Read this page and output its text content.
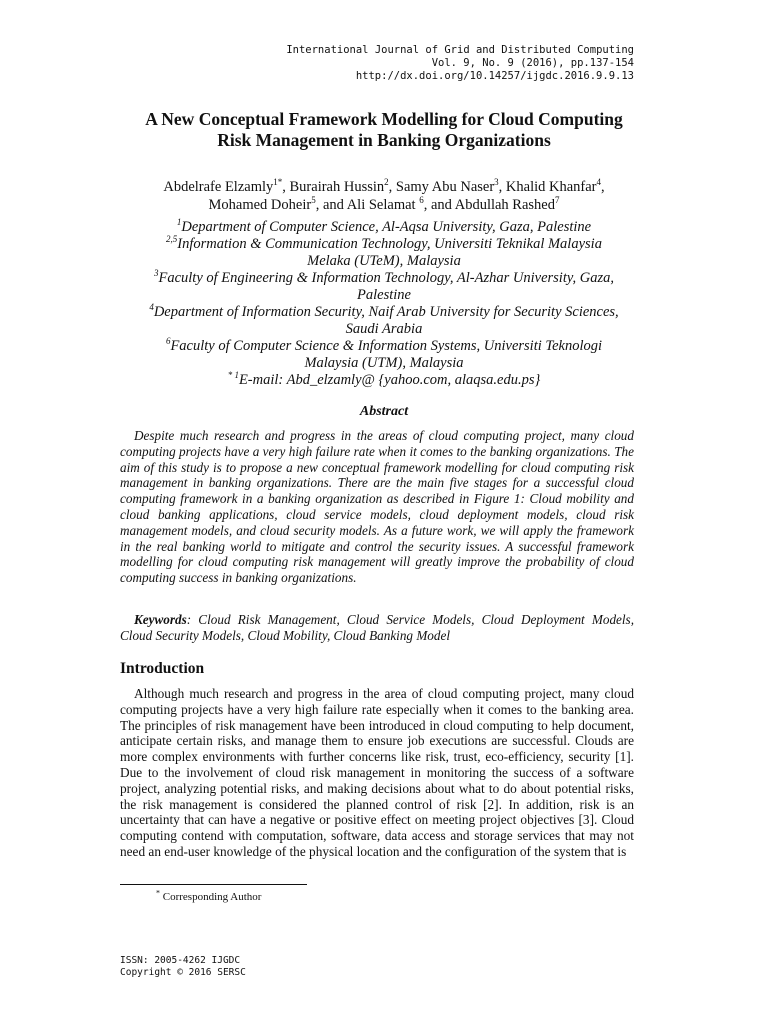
International Journal of Grid and Distributed Computing
Vol. 9, No. 9 (2016), pp.137-154
http://dx.doi.org/10.14257/ijgdc.2016.9.9.13
A New Conceptual Framework Modelling for Cloud Computing
Risk Management in Banking Organizations
Abdelrafe Elzamly$^{1*}$, Burairah Hussin$^2$, Samy Abu Naser$^3$, Khalid Khanfar$^4$,
Mohamed Doheir$^5$, and Ali Selamat $^6$, and Abdullah Rashed$^7$
$^1$Department of Computer Science, Al-Aqsa University, Gaza, Palestine
$^{2,5}$Information & Communication Technology, Universiti Teknikal Malaysia
Melaka (UTeM), Malaysia
$^3$Faculty of Engineering & Information Technology, Al-Azhar University, Gaza,
Palestine
$^4$Department of Information Security, Naif Arab University for Security Sciences,
Saudi Arabia
$^6$Faculty of Computer Science & Information Systems, Universiti Teknologi
Malaysia (UTM), Malaysia
$^{* 1}$E-mail: Abd_elzamly@ {yahoo.com, alaqsa.edu.ps}
Abstract
Despite much research and progress in the areas of cloud computing project, many cloud computing projects have a very high failure rate when it comes to the banking organizations. The aim of this study is to propose a new conceptual framework modelling for cloud computing risk management in banking organizations. There are the main five stages for a successful cloud computing framework in a banking organization as described in Figure 1: Cloud mobility and cloud banking applications, cloud service models, cloud deployment models, cloud risk management models, and cloud security models. As a future work, we will apply the framework in the real banking world to mitigate and control the security issues. A successful framework modelling for cloud computing risk management will greatly improve the probability of cloud computing success in banking organizations.
Keywords: Cloud Risk Management, Cloud Service Models, Cloud Deployment Models, Cloud Security Models, Cloud Mobility, Cloud Banking Model
Introduction
Although much research and progress in the area of cloud computing project, many cloud computing projects have a very high failure rate especially when it comes to the banking area. The principles of risk management have been introduced in cloud computing to help document, anticipate certain risks, and manage them to ensure job executions are successful. Clouds are more complex environments with further concerns like risk, trust, eco-efficiency, security [1]. Due to the involvement of cloud risk management in monitoring the success of a software project, analyzing potential risks, and making decisions about what to do about potential risks, the risk management is considered the planned control of risk [2]. In addition, risk is an uncertainty that can have a negative or positive effect on meeting project objectives [3]. Cloud computing contend with computation, software, data access and storage services that may not need an end-user knowledge of the physical location and the configuration of the system that is
* Corresponding Author
ISSN: 2005-4262 IJGDC
Copyright © 2016 SERSC
